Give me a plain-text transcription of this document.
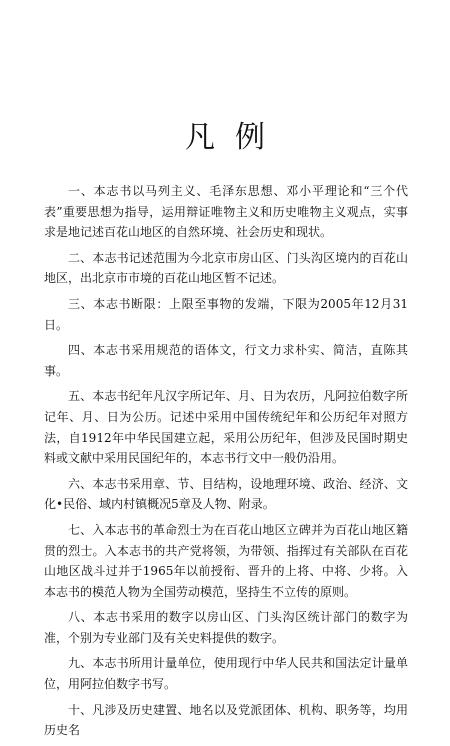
凡例

一、本志书以马列主义、毛泽东思想、邓小平理论和“三个代表”重要思想为指导，运用辩证唯物主义和历史唯物主义观点，实事求是地记述百花山地区的自然环境、社会历史和现状。

二、本志书记述范围为今北京市房山区、门头沟区境内的百花山地区，出北京市市境的百花山地区暂不记述。

三、本志书断限：上限至事物的发端，下限为2005年12月31日。

四、本志书采用规范的语体文，行文力求朴实、简洁，直陈其事。

五、本志书纪年凡汉字所记年、月、日为农历，凡阿拉伯数字所记年、月、日为公历。记述中采用中国传统纪年和公历纪年对照方法，自1912年中华民国建立起，采用公历纪年，但涉及民国时期史料或文献中采用民国纪年的，本志书行文中一般仍沿用。

六、本志书采用章、节、目结构，设地理环境、政治、经济、文化•民俗、域内村镇概况5章及人物、附录。

七、入本志书的革命烈士为在百花山地区立碑并为百花山地区籍贯的烈士。入本志书的共产党将领，为带领、指挥过有关部队在百花山地区战斗过并于1965年以前授衔、晋升的上将、中将、少将。入本志书的模范人物为全国劳动模范，坚持生不立传的原则。

八、本志书采用的数字以房山区、门头沟区统计部门的数字为准，个别为专业部门及有关史料提供的数字。

九、本志书所用计量单位，使用现行中华人民共和国法定计量单位，用阿拉伯数字书写。

十、凡涉及历史建置、地名以及党派团体、机构、职务等，均用历史名
